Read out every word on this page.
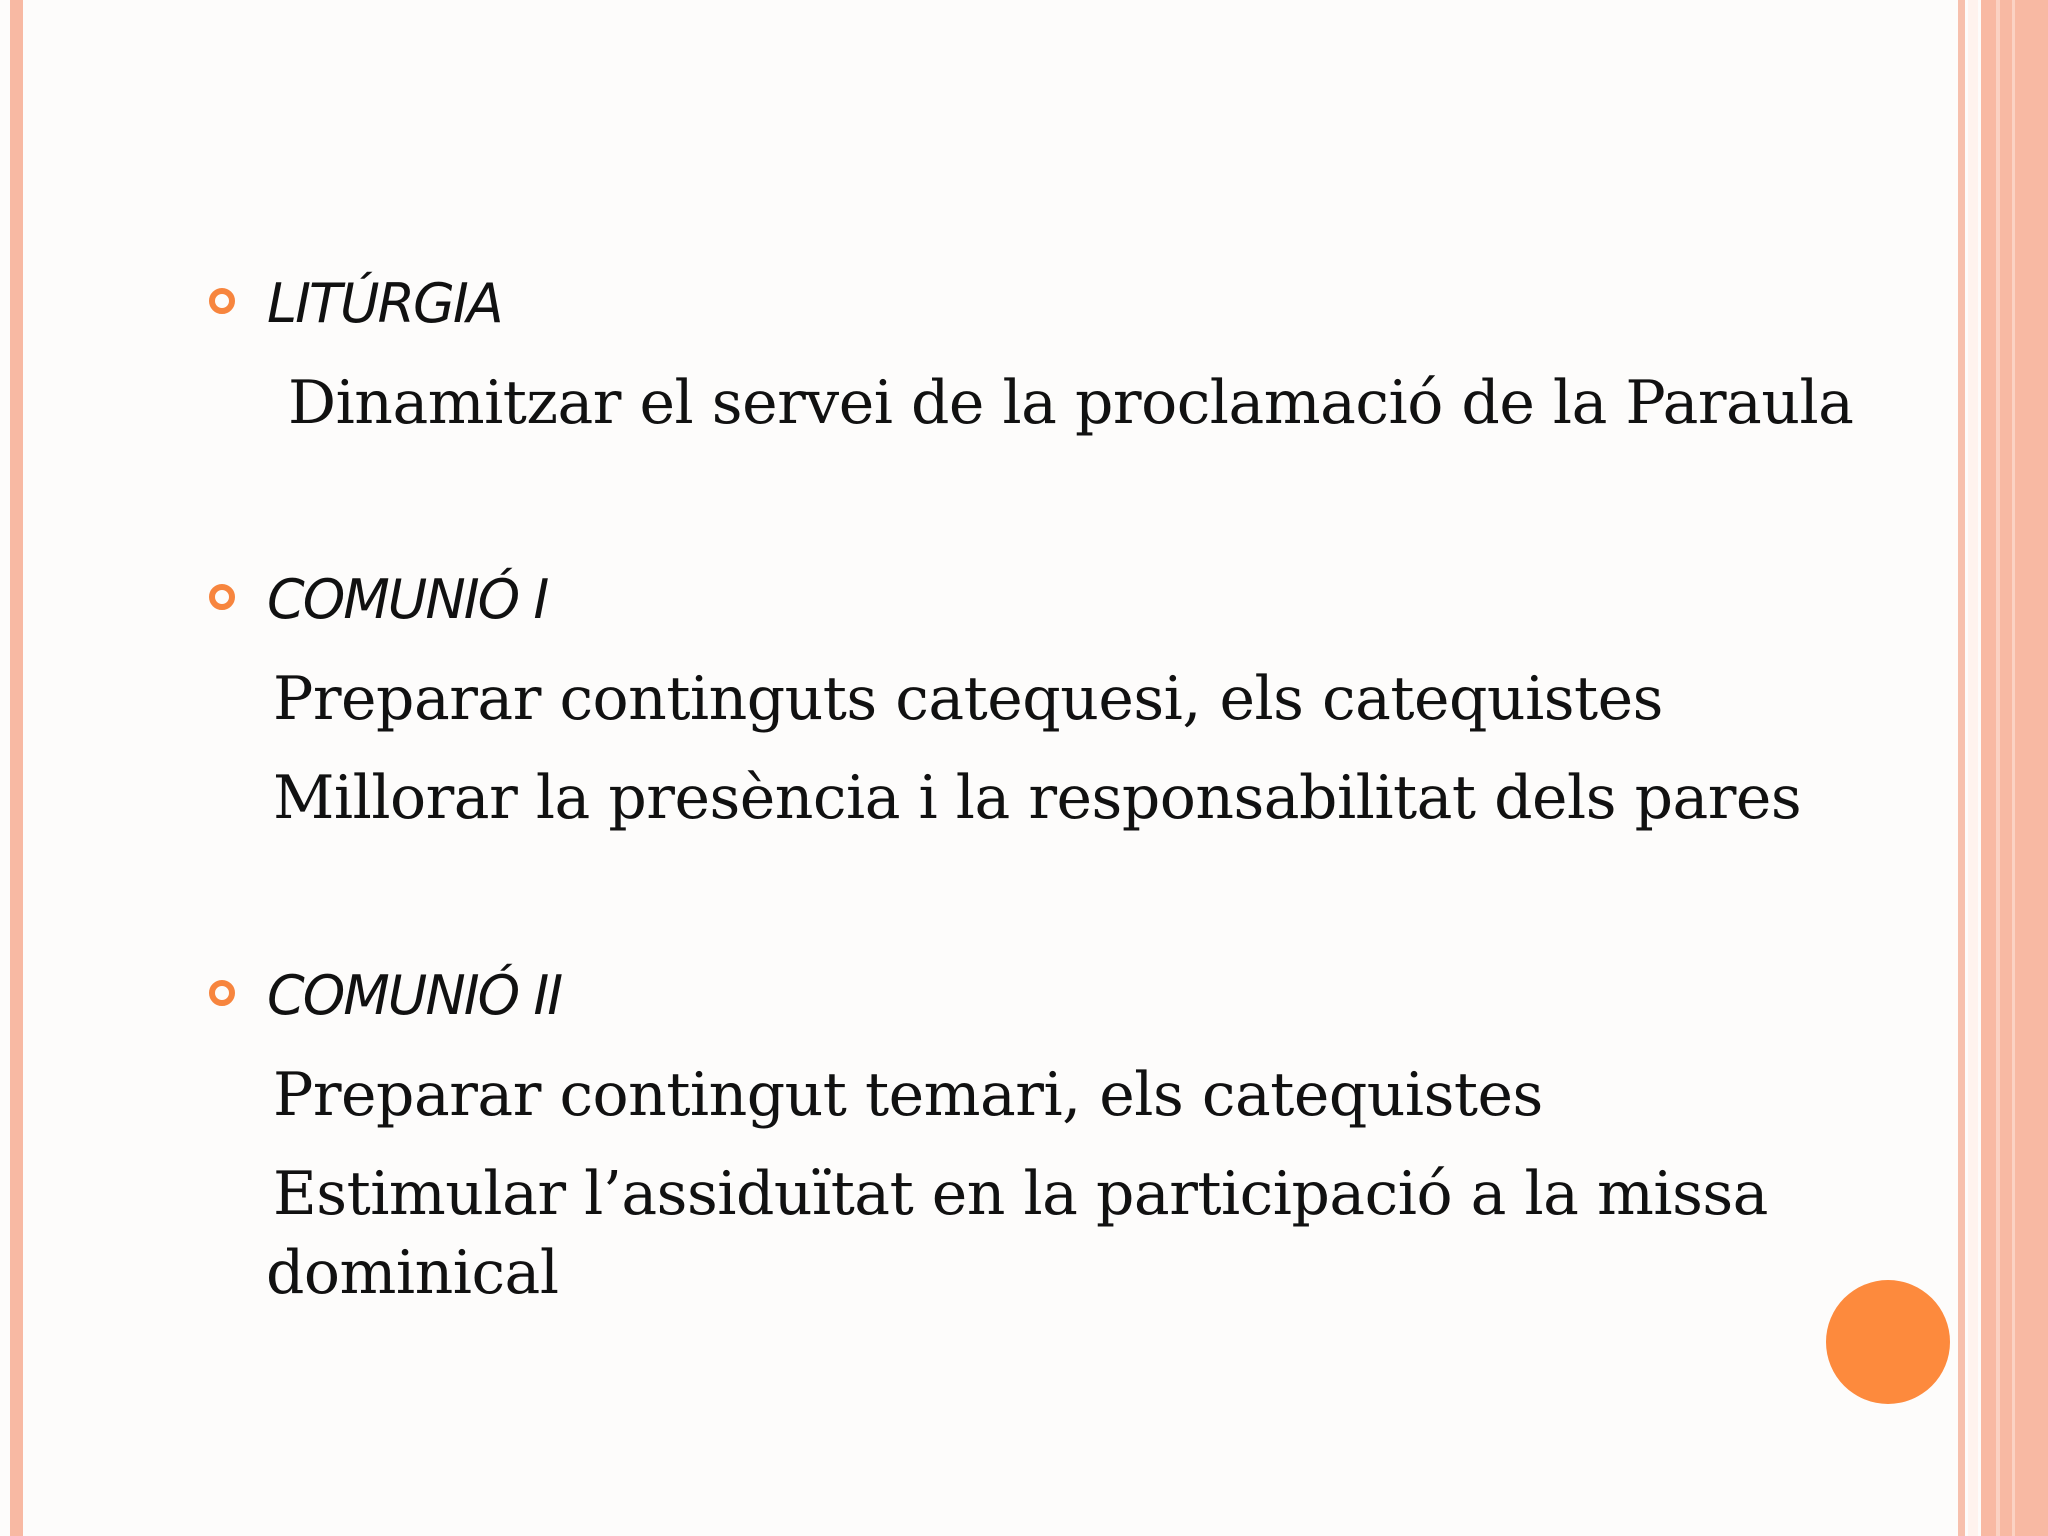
LITÚRGIA
Dinamitzar el servei de la proclamació de la Paraula
COMUNIÓ I
Preparar continguts catequesi, els catequistes
Millorar la presència i la responsabilitat dels pares
COMUNIÓ II
Preparar contingut temari, els catequistes
Estimular l’assiduïtat en la participació a la missa
dominical
